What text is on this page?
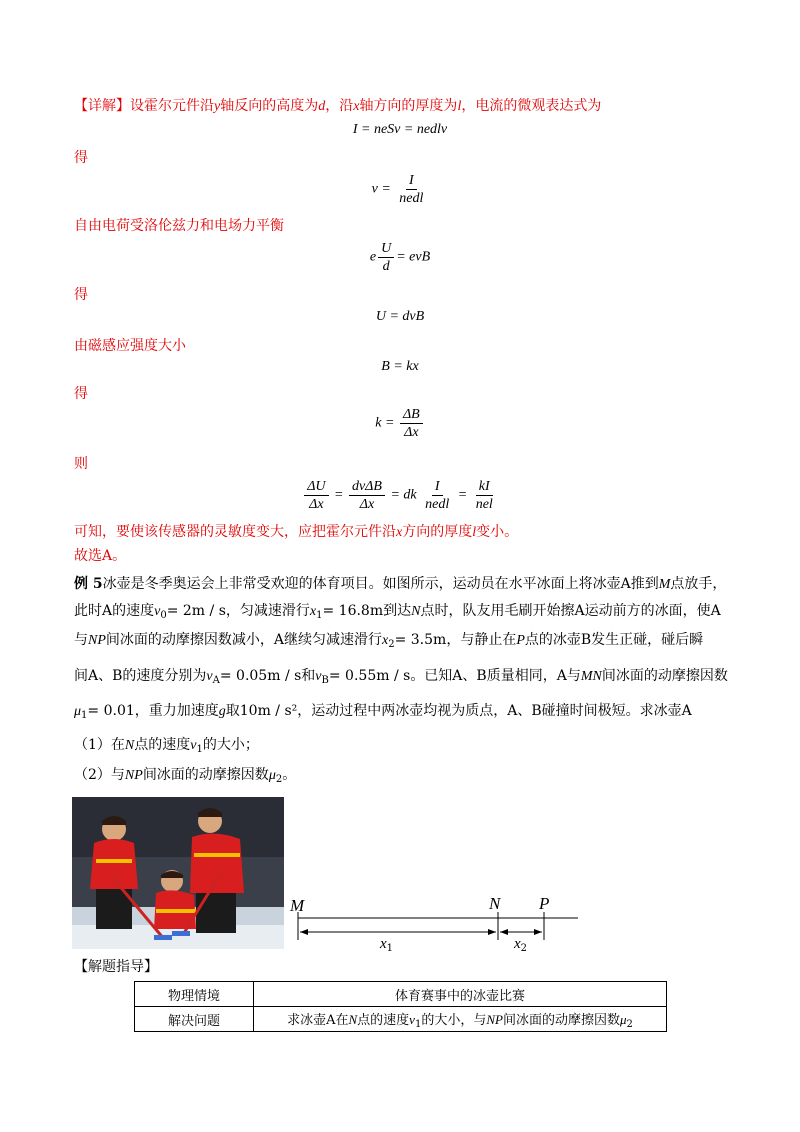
【详解】设霍尔元件沿y轴反向的高度为d，沿x轴方向的厚度为l，电流的微观表达式为
I = neSv = nedlv
得
$v = \frac{I}{\text{nedl}}$
自由电荷受洛伦兹力和电场力平衡
e $\frac{U}{d}$ = evB
得
U = dvB
由磁感应强度大小
B = kx
得
$k = \frac{\Delta B}{\Delta x}$
则
$\frac{\Delta U}{\Delta x} = \frac{\text{dvΔB}}{\Delta x}$ = dk $\frac{I}{\text{nedl}} = \frac{kI}{\text{nel}}$
可知，要使该传感器的灵敏度变大，应把霍尔元件沿x方向的厚度l变小。
故选A。
例 5冰壶是冬季奥运会上非常受欢迎的体育项目。如图所示，运动员在水平冰面上将冰壶A推到M点放手，
此时A的速度$v_0= 2m / s$，匀减速滑行$x_1= 16.8m$到达N点时，队友用毛刷开始擦A运动前方的冰面，使A
与NP间冰面的动摩擦因数减小，A继续匀减速滑行$x_2= 3.5m$，与静止在P点的冰壶B发生正碰，碰后瞬
间A、B的速度分别为$v_A= 0.05m / s$和$v_B= 0.55m / s$。已知A、B质量相同，A与MN间冰面的动摩擦因数
$\mu_1= 0.01$，重力加速度g取10m / s²，运动过程中两冰壶均视为质点，A、B碰撞时间极短。求冰壶A
（1）在N点的速度$v_1$的大小；
（2）与NP间冰面的动摩擦因数$\mu_2$。
M	N P
$x_1$	$x_2$
【解题指导】
物理情境	体育赛事中的冰壶比赛
解决问题	求冰壶A在N点的速度$v_1$的大小，与NP间冰面的动摩擦因数$\mu_2$
